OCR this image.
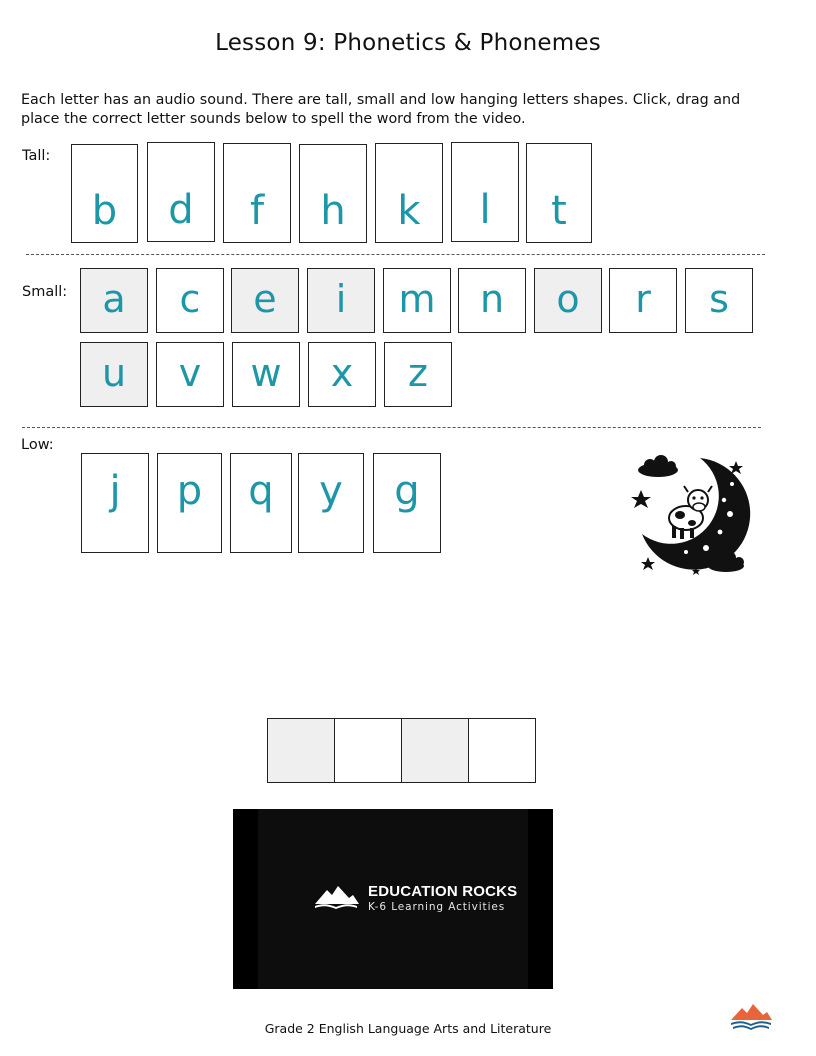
Lesson 9: Phonetics & Phonemes

Each letter has an audio sound. There are tall, small and low hanging letters shapes. Click, drag and place the correct letter sounds below to spell the word from the video.

Tall:
b	d	f	h	k	l	t
Small: a	c	e	i	m	n	o	r	s
u	v	w	x	z
Low:
j	p	q	y	g
EDUCATION ROCKS
K-6 Learning Activities
Grade 2 English Language Arts and Literature
